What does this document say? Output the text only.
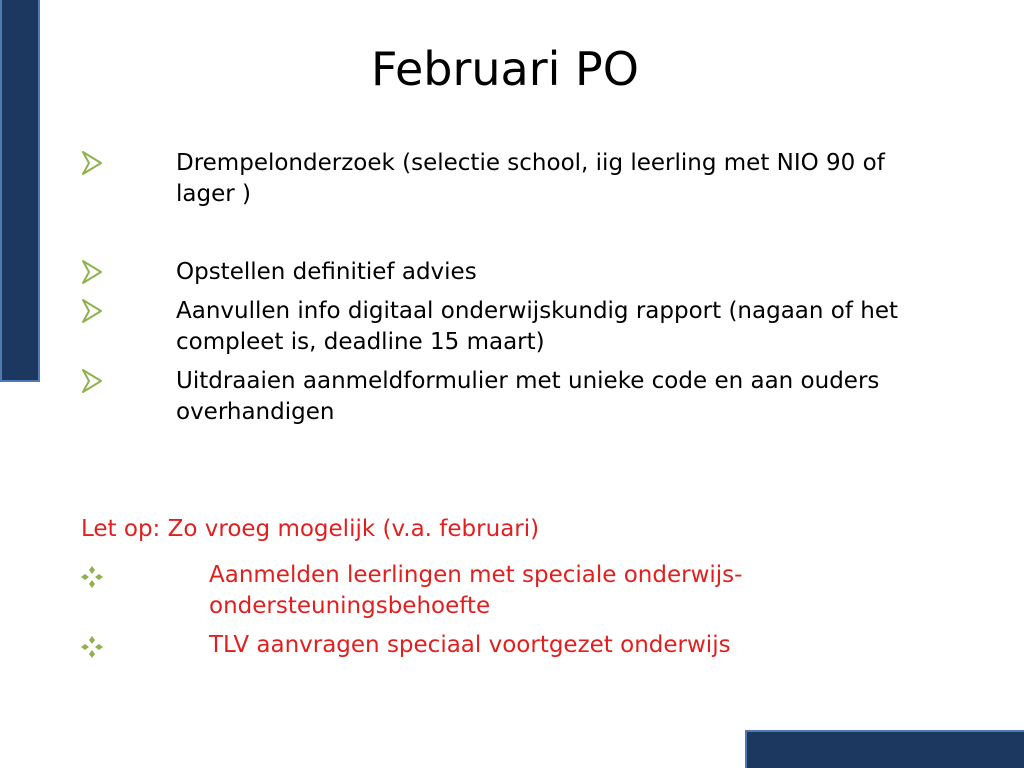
Februari PO
Drempelonderzoek (selectie school, iig leerling met NIO 90 of lager )
Opstellen definitief advies
Aanvullen info digitaal onderwijskundig rapport (nagaan of het compleet is, deadline 15 maart)
Uitdraaien aanmeldformulier met unieke code en aan ouders overhandigen
Let op: Zo vroeg mogelijk (v.a. februari)
Aanmelden leerlingen met speciale onderwijs-ondersteuningsbehoefte
TLV aanvragen speciaal voortgezet onderwijs
